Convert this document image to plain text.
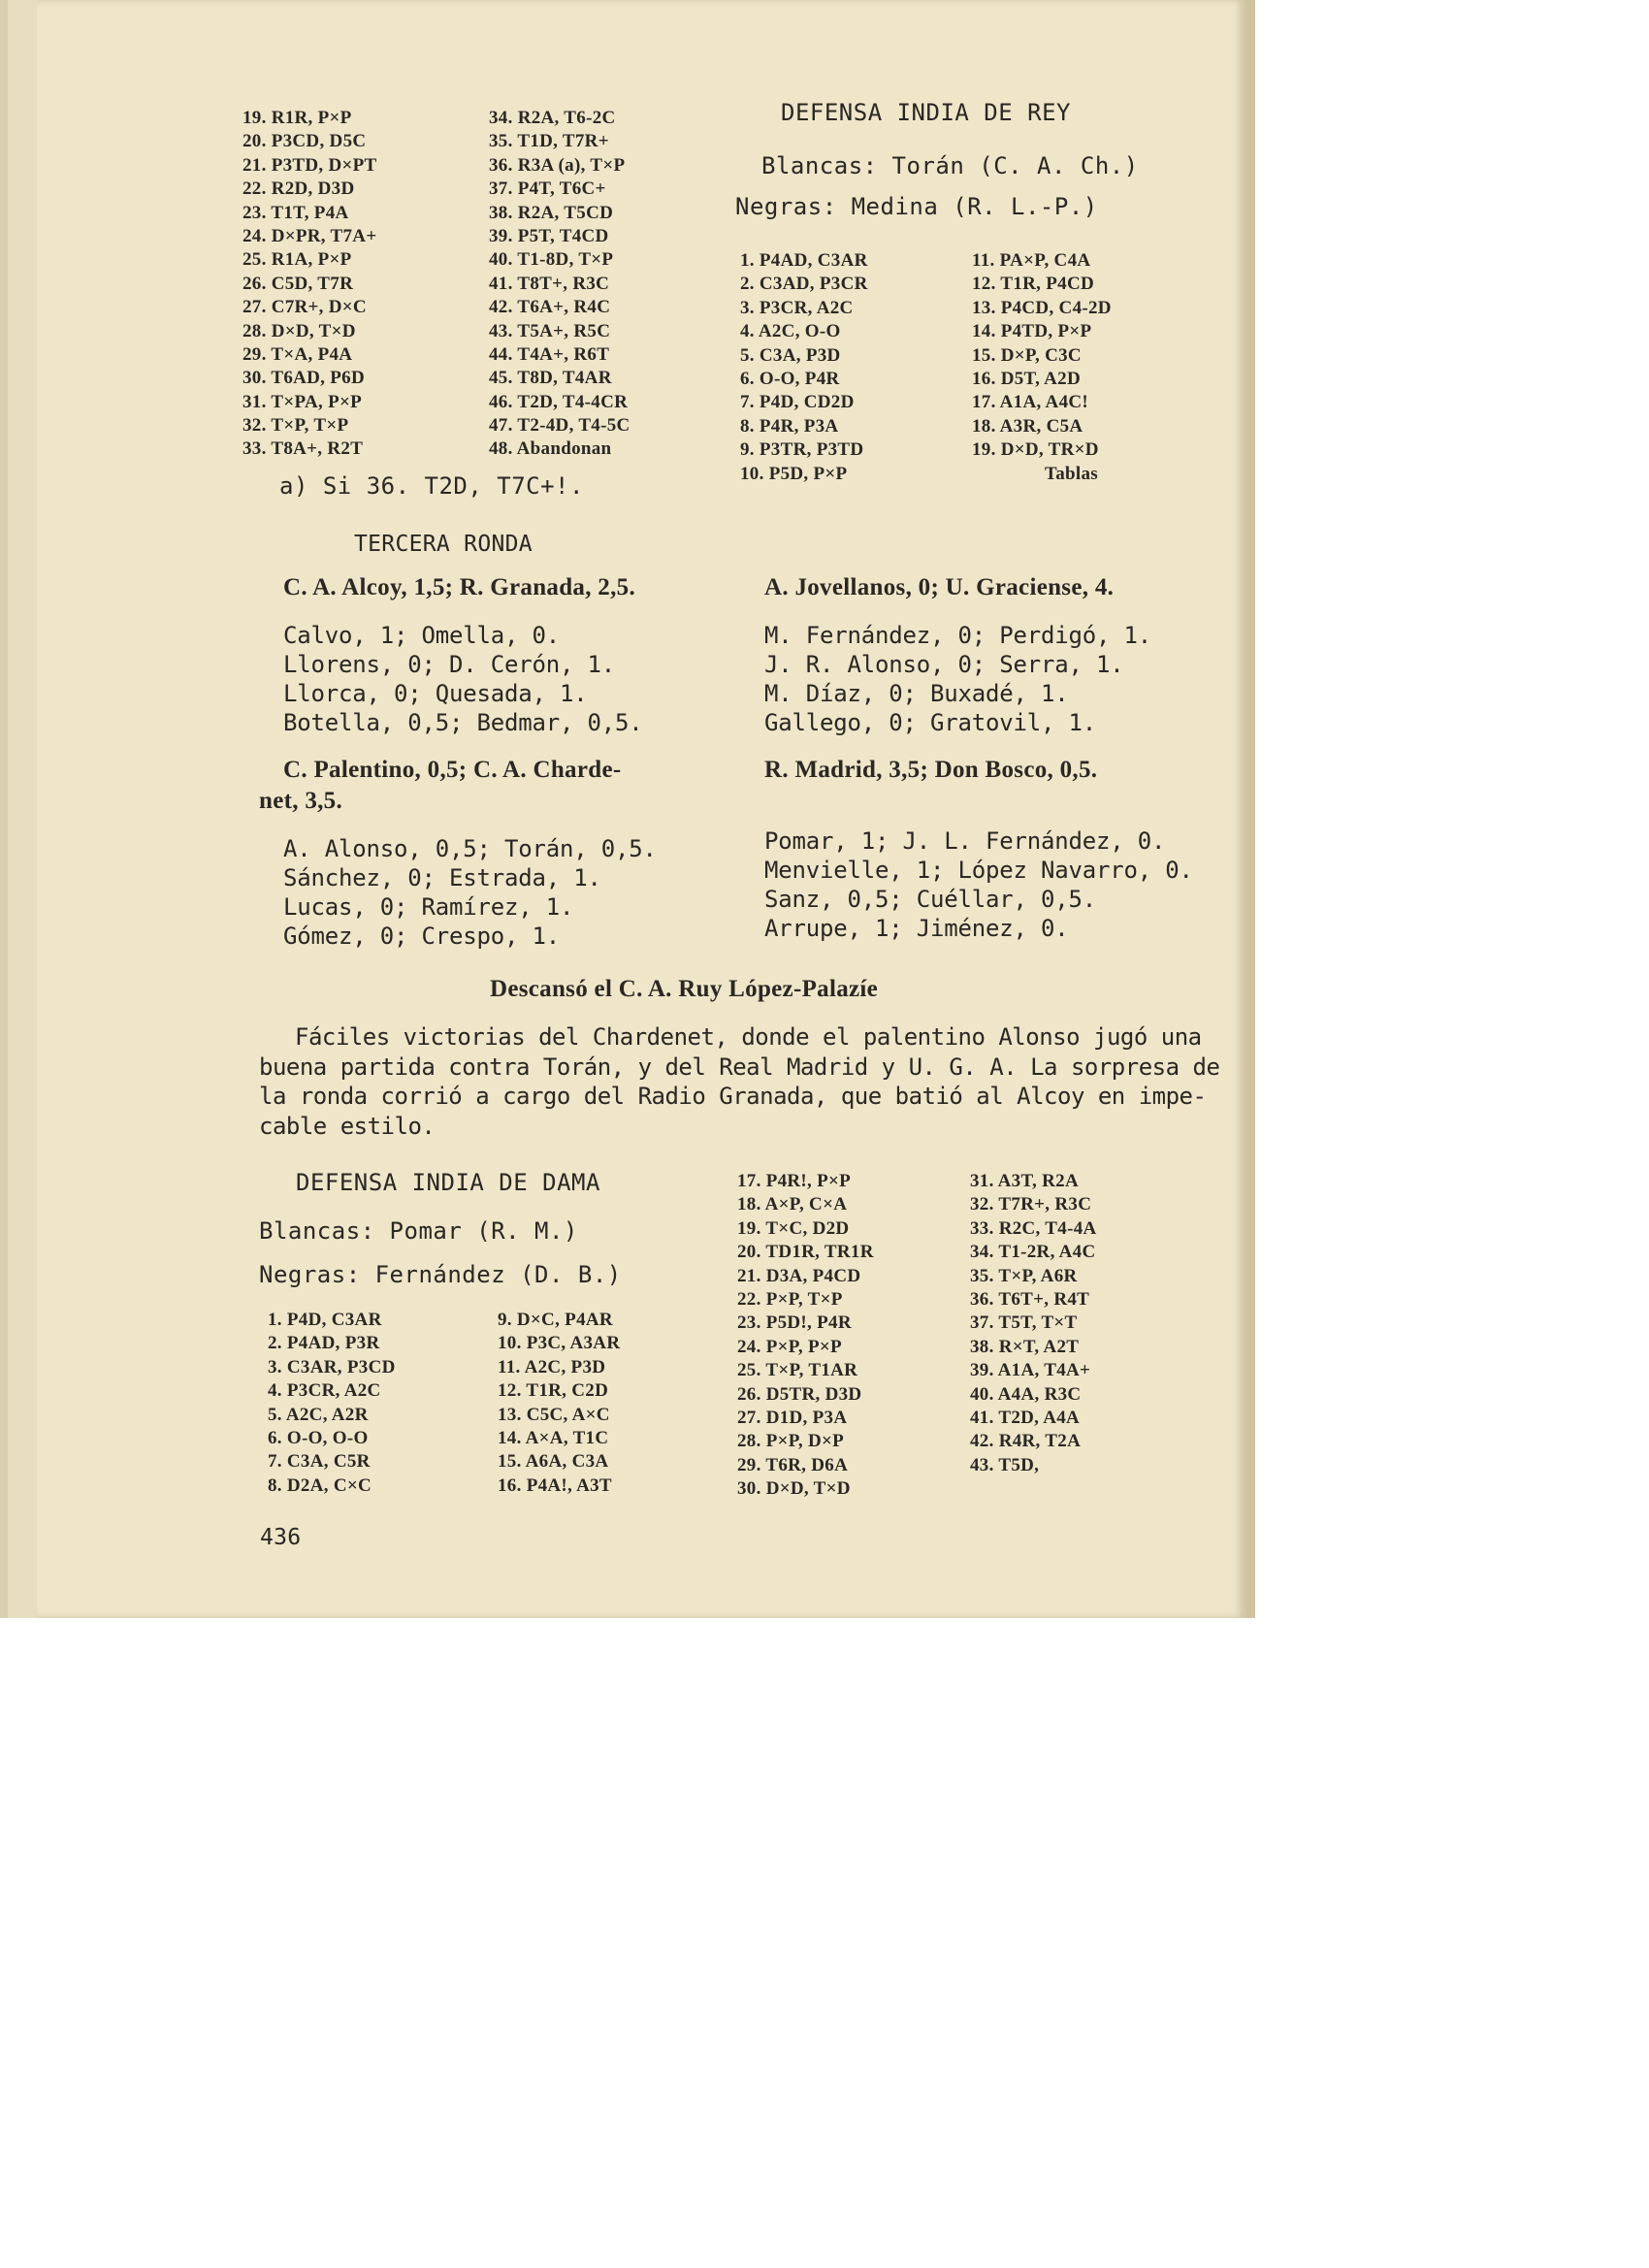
19. R1R, P×P
20. P3CD, D5C
21. P3TD, D×PT
22. R2D, D3D
23. T1T, P4A
24. D×PR, T7A+
25. R1A, P×P
26. C5D, T7R
27. C7R+, D×C
28. D×D, T×D
29. T×A, P4A
30. T6AD, P6D
31. T×PA, P×P
32. T×P, T×P
33. T8A+, R2T
34. R2A, T6-2C
35. T1D, T7R+
36. R3A (a), T×P
37. P4T, T6C+
38. R2A, T5CD
39. P5T, T4CD
40. T1-8D, T×P
41. T8T+, R3C
42. T6A+, R4C
43. T5A+, R5C
44. T4A+, R6T
45. T8D, T4AR
46. T2D, T4-4CR
47. T2-4D, T4-5C
48. Abandonan
a) Si 36. T2D, T7C+!.
DEFENSA INDIA DE REY
Blancas: Torán (C. A. Ch.)
Negras: Medina (R. L.-P.)
1. P4AD, C3AR
2. C3AD, P3CR
3. P3CR, A2C
4. A2C, O-O
5. C3A, P3D
6. O-O, P4R
7. P4D, CD2D
8. P4R, P3A
9. P3TR, P3TD
10. P5D, P×P
11. PA×P, C4A
12. T1R, P4CD
13. P4CD, C4-2D
14. P4TD, P×P
15. D×P, C3C
16. D5T, A2D
17. A1A, A4C!
18. A3R, C5A
19. D×D, TR×D
Tablas
TERCERA RONDA
C. A. Alcoy, 1,5; R. Granada, 2,5.
Calvo, 1; Omella, 0.
Llorens, 0; D. Cerón, 1.
Llorca, 0; Quesada, 1.
Botella, 0,5; Bedmar, 0,5.
C. Palentino, 0,5; C. A. Charde-
net, 3,5.
A. Alonso, 0,5; Torán, 0,5.
Sánchez, 0; Estrada, 1.
Lucas, 0; Ramírez, 1.
Gómez, 0; Crespo, 1.
A. Jovellanos, 0; U. Graciense, 4.
M. Fernández, 0; Perdigó, 1.
J. R. Alonso, 0; Serra, 1.
M. Díaz, 0; Buxadé, 1.
Gallego, 0; Gratovil, 1.
R. Madrid, 3,5; Don Bosco, 0,5.
Pomar, 1; J. L. Fernández, 0.
Menvielle, 1; López Navarro, 0.
Sanz, 0,5; Cuéllar, 0,5.
Arrupe, 1; Jiménez, 0.
Descansó el C. A. Ruy López-Palazíe
Fáciles victorias del Chardenet, donde el palentino Alonso jugó una
buena partida contra Torán, y del Real Madrid y U. G. A. La sorpresa de
la ronda corrió a cargo del Radio Granada, que batió al Alcoy en impe-
cable estilo.
DEFENSA INDIA DE DAMA
Blancas: Pomar (R. M.)
Negras: Fernández (D. B.)
1. P4D, C3AR
2. P4AD, P3R
3. C3AR, P3CD
4. P3CR, A2C
5. A2C, A2R
6. O-O, O-O
7. C3A, C5R
8. D2A, C×C
9. D×C, P4AR
10. P3C, A3AR
11. A2C, P3D
12. T1R, C2D
13. C5C, A×C
14. A×A, T1C
15. A6A, C3A
16. P4A!, A3T
17. P4R!, P×P
18. A×P, C×A
19. T×C, D2D
20. TD1R, TR1R
21. D3A, P4CD
22. P×P, T×P
23. P5D!, P4R
24. P×P, P×P
25. T×P, T1AR
26. D5TR, D3D
27. D1D, P3A
28. P×P, D×P
29. T6R, D6A
30. D×D, T×D
31. A3T, R2A
32. T7R+, R3C
33. R2C, T4-4A
34. T1-2R, A4C
35. T×P, A6R
36. T6T+, R4T
37. T5T, T×T
38. R×T, A2T
39. A1A, T4A+
40. A4A, R3C
41. T2D, A4A
42. R4R, T2A
43. T5D,
436
